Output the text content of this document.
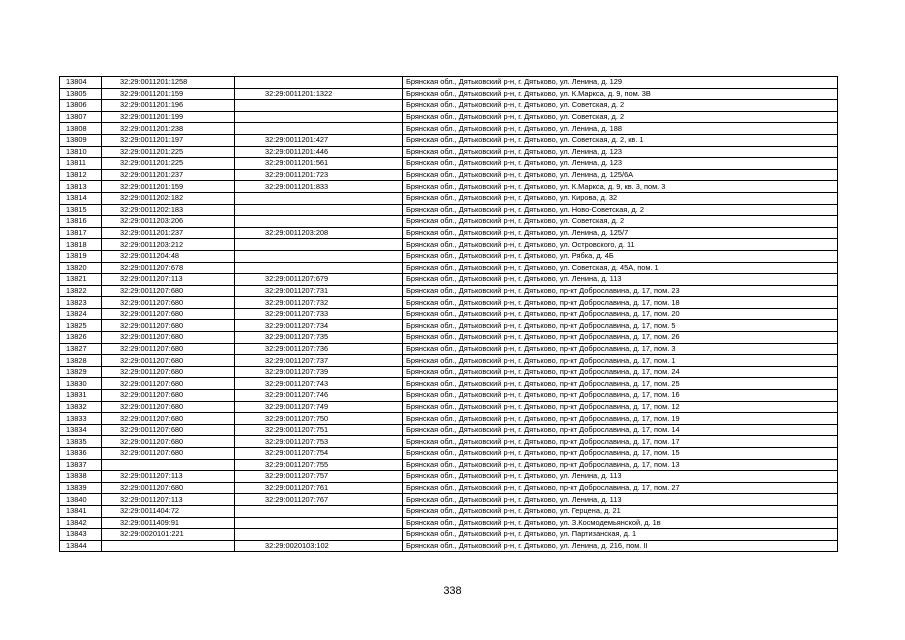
13804	32:29:0011201:1258		Брянская обл., Дятьковский р-н, г. Дятьково, ул. Ленина, д. 129
13805	32:29:0011201:159	32:29:0011201:1322	Брянская обл., Дятьковский р-н, г. Дятьково, ул. К.Маркса, д. 9, пом. 3В
13806	32:29:0011201:196		Брянская обл., Дятьковский р-н, г. Дятьково, ул. Советская, д. 2
13807	32:29:0011201:199		Брянская обл., Дятьковский р-н, г. Дятьково, ул. Советская, д. 2
13808	32:29:0011201:238		Брянская обл., Дятьковский р-н, г. Дятьково, ул. Ленина, д. 188
13809	32:29:0011201:197	32:29:0011201:427	Брянская обл., Дятьковский р-н, г. Дятьково, ул. Советская, д. 2, кв. 1
13810	32:29:0011201:225	32:29:0011201:446	Брянская обл., Дятьковский р-н, г. Дятьково, ул. Ленина, д. 123
13811	32:29:0011201:225	32:29:0011201:561	Брянская обл., Дятьковский р-н, г. Дятьково, ул. Ленина, д. 123
13812	32:29:0011201:237	32:29:0011201:723	Брянская обл., Дятьковский р-н, г. Дятьково, ул. Ленина, д. 125/6А
13813	32:29:0011201:159	32:29:0011201:833	Брянская обл., Дятьковский р-н, г. Дятьково, ул. К.Маркса, д. 9, кв. 3, пом. 3
13814	32:29:0011202:182		Брянская обл., Дятьковский р-н, г. Дятьково, ул. Кирова, д. 32
13815	32:29:0011202:183		Брянская обл., Дятьковский р-н, г. Дятьково, ул. Ново-Советская, д. 2
13816	32:29:0011203:206		Брянская обл., Дятьковский р-н, г. Дятьково, ул. Советская, д. 2
13817	32:29:0011201:237	32:29:0011203:208	Брянская обл., Дятьковский р-н, г. Дятьково, ул. Ленина, д. 125/7
13818	32:29:0011203:212		Брянская обл., Дятьковский р-н, г. Дятьково, ул. Островского, д. 11
13819	32:29:0011204:48		Брянская обл., Дятьковский р-н, г. Дятьково, ул. Рябка, д. 4Б
13820	32:29:0011207:678		Брянская обл., Дятьковский р-н, г. Дятьково, ул. Советская, д. 45А, пом. 1
13821	32:29:0011207:113	32:29:0011207:679	Брянская обл., Дятьковский р-н, г. Дятьково, ул. Ленина, д. 113
13822	32:29:0011207:680	32:29:0011207:731	Брянская обл., Дятьковский р-н, г. Дятьково, пр-кт Доброславина, д. 17, пом. 23
13823	32:29:0011207:680	32:29:0011207:732	Брянская обл., Дятьковский р-н, г. Дятьково, пр-кт Доброславина, д. 17, пом. 18
13824	32:29:0011207:680	32:29:0011207:733	Брянская обл., Дятьковский р-н, г. Дятьково, пр-кт Доброславина, д. 17, пом. 20
13825	32:29:0011207:680	32:29:0011207:734	Брянская обл., Дятьковский р-н, г. Дятьково, пр-кт Доброславина, д. 17, пом. 5
13826	32:29:0011207:680	32:29:0011207:735	Брянская обл., Дятьковский р-н, г. Дятьково, пр-кт Доброславина, д. 17, пом. 26
13827	32:29:0011207:680	32:29:0011207:736	Брянская обл., Дятьковский р-н, г. Дятьково, пр-кт Доброславина, д. 17, пом. 3
13828	32:29:0011207:680	32:29:0011207:737	Брянская обл., Дятьковский р-н, г. Дятьково, пр-кт Доброславина, д. 17, пом. 1
13829	32:29:0011207:680	32:29:0011207:739	Брянская обл., Дятьковский р-н, г. Дятьково, пр-кт Доброславина, д. 17, пом. 24
13830	32:29:0011207:680	32:29:0011207:743	Брянская обл., Дятьковский р-н, г. Дятьково, пр-кт Доброславина, д. 17, пом. 25
13831	32:29:0011207:680	32:29:0011207:746	Брянская обл., Дятьковский р-н, г. Дятьково, пр-кт Доброславина, д. 17, пом. 16
13832	32:29:0011207:680	32:29:0011207:749	Брянская обл., Дятьковский р-н, г. Дятьково, пр-кт Доброславина, д. 17, пом. 12
13833	32:29:0011207:680	32:29:0011207:750	Брянская обл., Дятьковский р-н, г. Дятьково, пр-кт Доброславина, д. 17, пом. 19
13834	32:29:0011207:680	32:29:0011207:751	Брянская обл., Дятьковский р-н, г. Дятьково, пр-кт Доброславина, д. 17, пом. 14
13835	32:29:0011207:680	32:29:0011207:753	Брянская обл., Дятьковский р-н, г. Дятьково, пр-кт Доброславина, д. 17, пом. 17
13836	32:29:0011207:680	32:29:0011207:754	Брянская обл., Дятьковский р-н, г. Дятьково, пр-кт Доброславина, д. 17, пом. 15
13837		32:29:0011207:755	Брянская обл., Дятьковский р-н, г. Дятьково, пр-кт Доброславина, д. 17, пом. 13
13838	32:29:0011207:113	32:29:0011207:757	Брянская обл., Дятьковский р-н, г. Дятьково, ул. Ленина, д. 113
13839	32:29:0011207:680	32:29:0011207:761	Брянская обл., Дятьковский р-н, г. Дятьково, пр-кт Доброславина, д. 17, пом. 27
13840	32:29:0011207:113	32:29:0011207:767	Брянская обл., Дятьковский р-н, г. Дятьково, ул. Ленина, д. 113
13841	32:29:0011404:72		Брянская обл., Дятьковский р-н, г. Дятьково, ул. Герцена, д. 21
13842	32:29:0011409:91		Брянская обл., Дятьковский р-н, г. Дятьково, ул. З.Космодемьянской, д. 1в
13843	32:29:0020101:221		Брянская обл., Дятьковский р-н, г. Дятьково, ул. Партизанская, д. 1
13844		32:29:0020103:102	Брянская обл., Дятьковский р-н, г. Дятьково, ул. Ленина, д. 216, пом. II
338
